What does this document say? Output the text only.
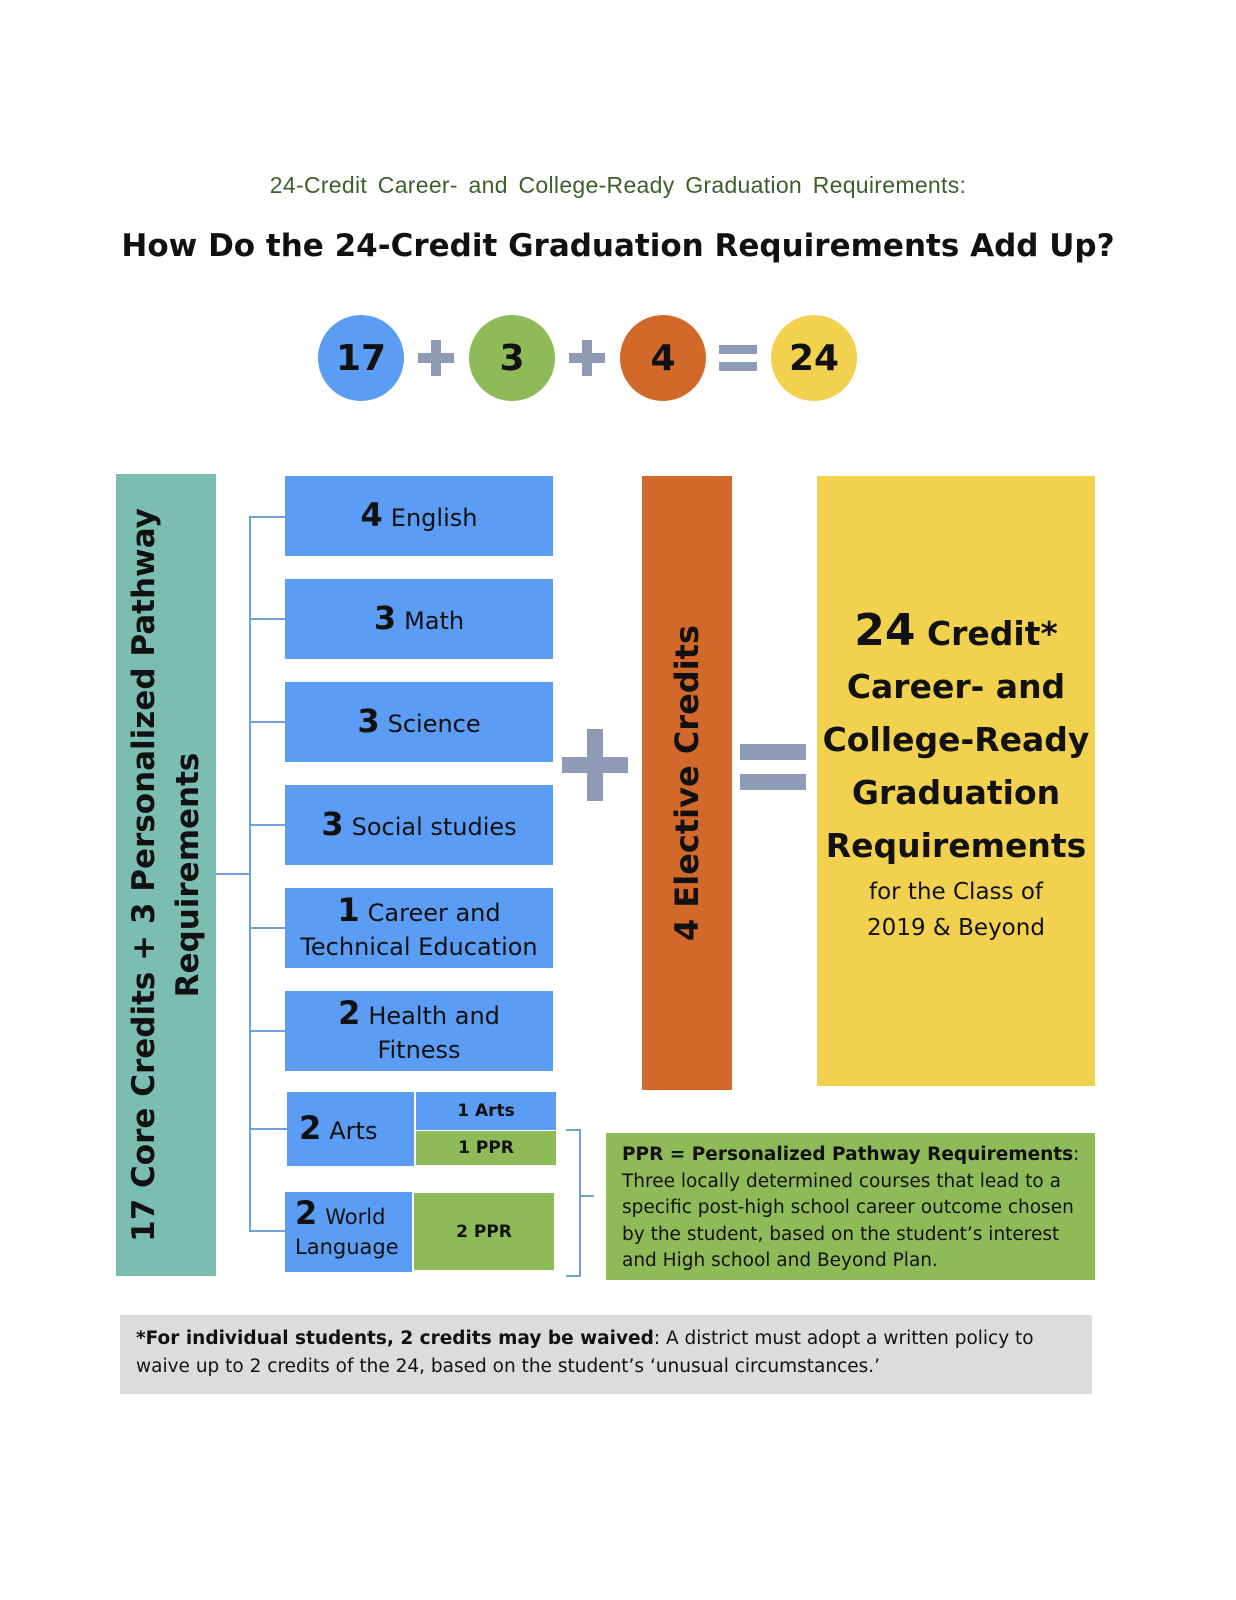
24-Credit Career- and College-Ready Graduation Requirements:
How Do the 24-Credit Graduation Requirements Add Up?
17	3	4	24
17 Core Credits + 3 Personalized Pathway Requirements
4 English
3 Math
3 Science
3 Social studies
1 Career and Technical Education
2 Health and Fitness
2 Arts
1 Arts
1 PPR
2 World Language
2 PPR
4 Elective Credits	24 Credit*
Career- and
College-Ready
Graduation
Requirements
for the Class of 2019 & Beyond
PPR = Personalized Pathway Requirements: Three locally determined courses that lead to a specific post-high school career outcome chosen by the student, based on the student’s interest and High school and Beyond Plan.
*For individual students, 2 credits may be waived: A district must adopt a written policy to waive up to 2 credits of the 24, based on the student’s ‘unusual circumstances.’
